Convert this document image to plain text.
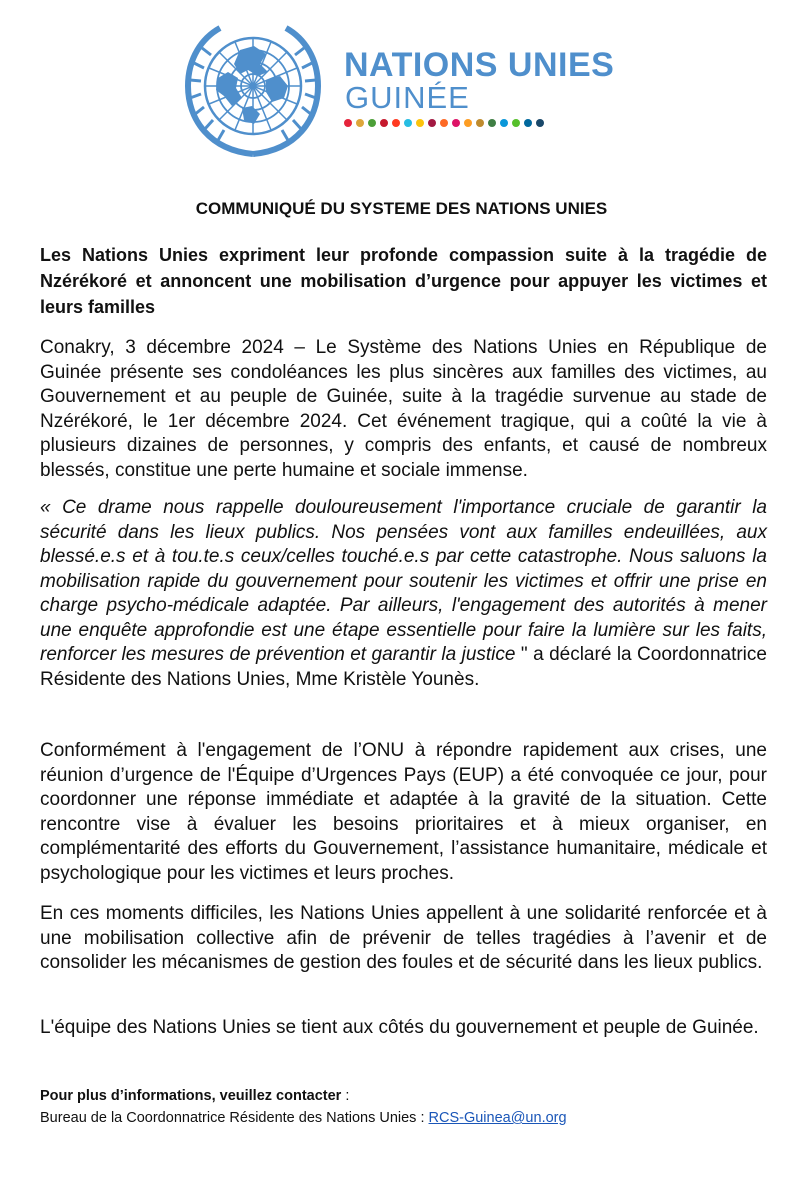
NATIONS UNIES
GUINÉE
COMMUNIQUÉ DU SYSTEME DES NATIONS UNIES
Les Nations Unies expriment leur profonde compassion suite à la tragédie de Nzérékoré et annoncent une mobilisation d’urgence pour appuyer les victimes et leurs familles

Conakry, 3 décembre 2024 – Le Système des Nations Unies en République de Guinée présente ses condoléances les plus sincères aux familles des victimes, au Gouvernement et au peuple de Guinée, suite à la tragédie survenue au stade de Nzérékoré, le 1er décembre 2024. Cet événement tragique, qui a coûté la vie à plusieurs dizaines de personnes, y compris des enfants, et causé de nombreux blessés, constitue une perte humaine et sociale immense.

« Ce drame nous rappelle douloureusement l'importance cruciale de garantir la sécurité dans les lieux publics. Nos pensées vont aux familles endeuillées, aux blessé.e.s et à tou.te.s ceux/celles touché.e.s par cette catastrophe. Nous saluons la mobilisation rapide du gouvernement pour soutenir les victimes et offrir une prise en charge psycho-médicale adaptée. Par ailleurs, l'engagement des autorités à mener une enquête approfondie est une étape essentielle pour faire la lumière sur les faits, renforcer les mesures de prévention et garantir la justice " a déclaré la Coordonnatrice Résidente des Nations Unies, Mme Kristèle Younès.

Conformément à l'engagement de l’ONU à répondre rapidement aux crises, une réunion d’urgence de l'Équipe d’Urgences Pays (EUP) a été convoquée ce jour, pour coordonner une réponse immédiate et adaptée à la gravité de la situation. Cette rencontre vise à évaluer les besoins prioritaires et à mieux organiser, en complémentarité des efforts du Gouvernement, l’assistance humanitaire, médicale et psychologique pour les victimes et leurs proches.

En ces moments difficiles, les Nations Unies appellent à une solidarité renforcée et à une mobilisation collective afin de prévenir de telles tragédies à l’avenir et de consolider les mécanismes de gestion des foules et de sécurité dans les lieux publics.

L'équipe des Nations Unies se tient aux côtés du gouvernement et peuple de Guinée.

Pour plus d’informations, veuillez contacter :
Bureau de la Coordonnatrice Résidente des Nations Unies : RCS-Guinea@un.org
